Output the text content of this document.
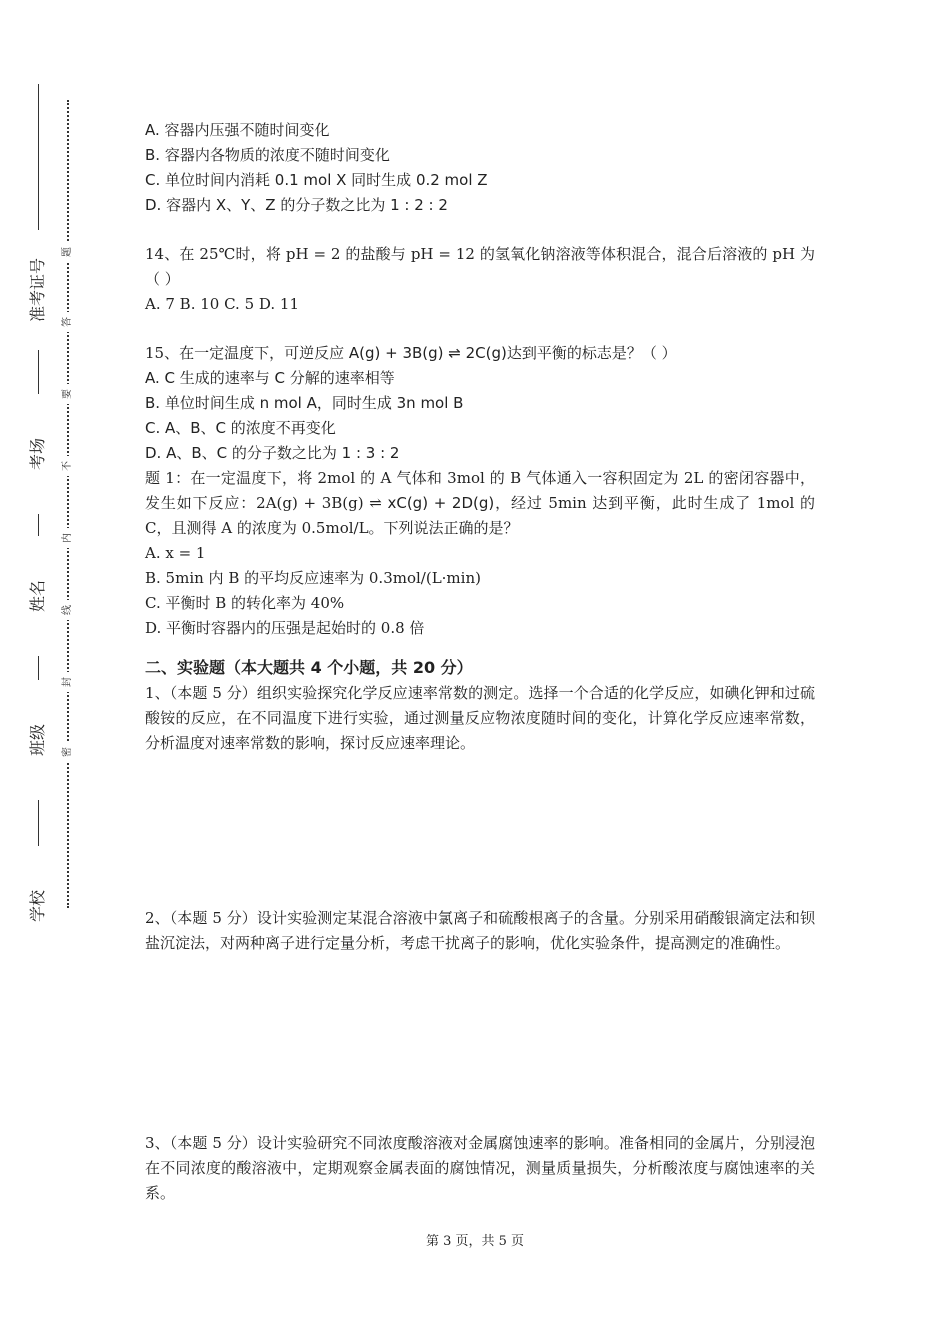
准考证号
考场
姓名
班级
学校
题
答
要
不
内
线
封
密
A. 容器内压强不随时间变化
B. 容器内各物质的浓度不随时间变化
C. 单位时间内消耗 0.1 mol X 同时生成 0.2 mol Z
D. 容器内 X、Y、Z 的分子数之比为 1 : 2 : 2
14、在 25℃时，将 pH = 2 的盐酸与 pH = 12 的氢氧化钠溶液等体积混合，混合后溶液的 pH 为（ ）
A. 7 B. 10 C. 5 D. 11
15、在一定温度下，可逆反应 A(g) + 3B(g) ⇌ 2C(g)达到平衡的标志是？（ ）
A. C 生成的速率与 C 分解的速率相等
B. 单位时间生成 n mol A，同时生成 3n mol B
C. A、B、C 的浓度不再变化
D. A、B、C 的分子数之比为 1 : 3 : 2
题 1：在一定温度下，将 2mol 的 A 气体和 3mol 的 B 气体通入一容积固定为 2L 的密闭容器中，发生如下反应：2A(g) + 3B(g) ⇌ xC(g) + 2D(g)，经过 5min 达到平衡，此时生成了 1mol 的 C，且测得 A 的浓度为 0.5mol/L。下列说法正确的是？
A. x = 1
B. 5min 内 B 的平均反应速率为 0.3mol/(L·min)
C. 平衡时 B 的转化率为 40%
D. 平衡时容器内的压强是起始时的 0.8 倍
二、实验题（本大题共 4 个小题，共 20 分）
1、（本题 5 分）组织实验探究化学反应速率常数的测定。选择一个合适的化学反应，如碘化钾和过硫酸铵的反应，在不同温度下进行实验，通过测量反应物浓度随时间的变化，计算化学反应速率常数，分析温度对速率常数的影响，探讨反应速率理论。
2、（本题 5 分）设计实验测定某混合溶液中氯离子和硫酸根离子的含量。分别采用硝酸银滴定法和钡盐沉淀法，对两种离子进行定量分析，考虑干扰离子的影响，优化实验条件，提高测定的准确性。
3、（本题 5 分）设计实验研究不同浓度酸溶液对金属腐蚀速率的影响。准备相同的金属片，分别浸泡在不同浓度的酸溶液中，定期观察金属表面的腐蚀情况，测量质量损失，分析酸浓度与腐蚀速率的关系。
第 3 页，共 5 页
